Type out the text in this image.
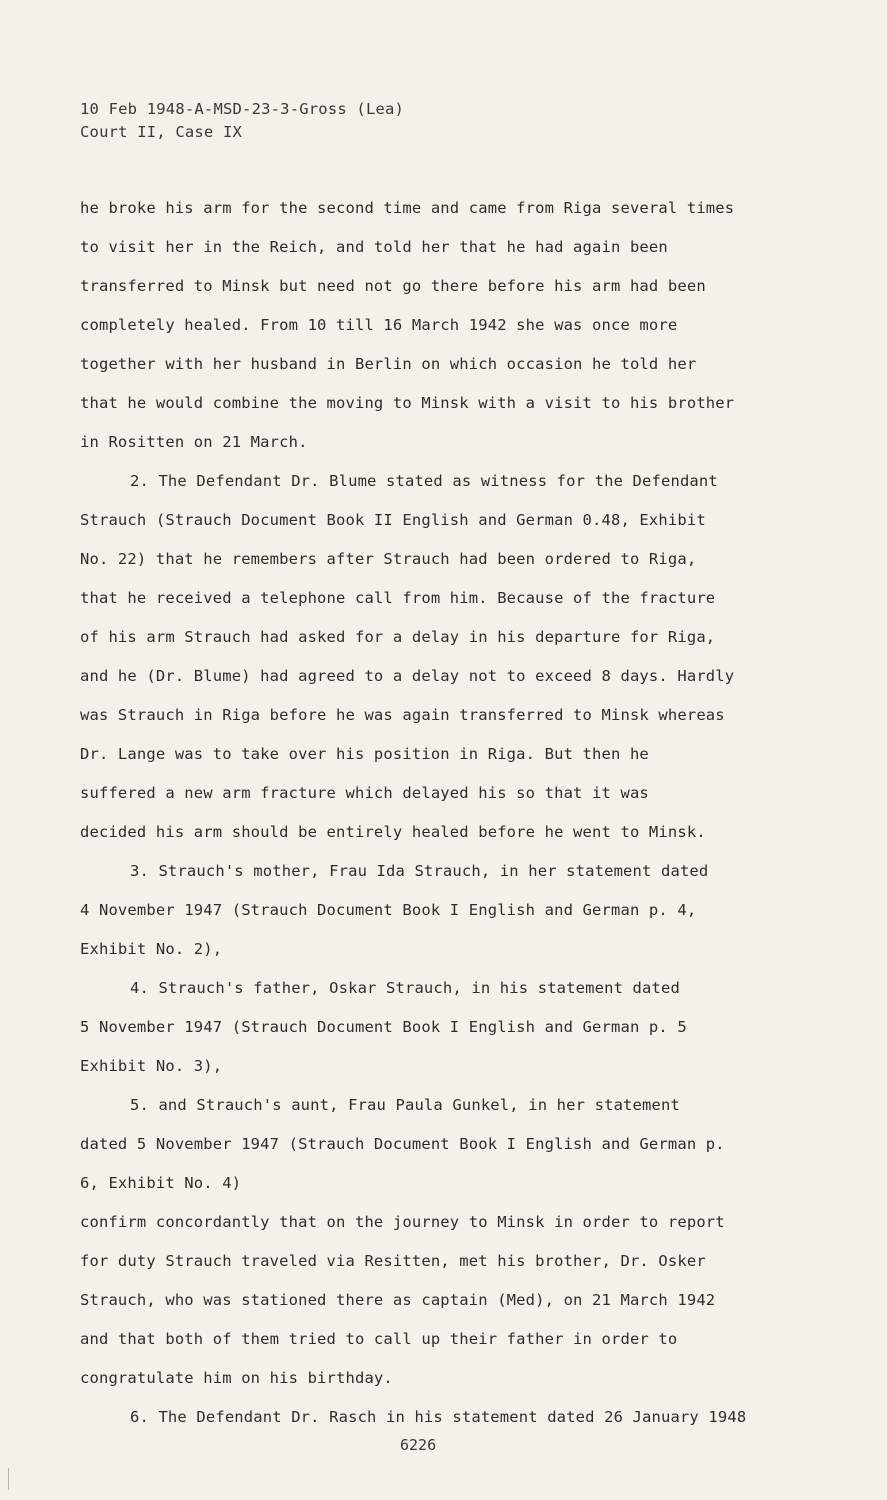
10 Feb 1948-A-MSD-23-3-Gross (Lea)
Court II, Case IX
he broke his arm for the second time and came from Riga several times
to visit her in the Reich, and told her that he had again been
transferred to Minsk but need not go there before his arm had been
completely healed. From 10 till 16 March 1942 she was once more
together with her husband in Berlin on which occasion he told her
that he would combine the moving to Minsk with a visit to his brother
in Rositten on 21 March.
2. The Defendant Dr. Blume stated as witness for the Defendant
Strauch (Strauch Document Book II English and German 0.48, Exhibit
No. 22) that he remembers after Strauch had been ordered to Riga,
that he received a telephone call from him. Because of the fracture
of his arm Strauch had asked for a delay in his departure for Riga,
and he (Dr. Blume) had agreed to a delay not to exceed 8 days. Hardly
was Strauch in Riga before he was again transferred to Minsk whereas
Dr. Lange was to take over his position in Riga. But then he
suffered a new arm fracture which delayed his so that it was
decided his arm should be entirely healed before he went to Minsk.
3. Strauch's mother, Frau Ida Strauch, in her statement dated
4 November 1947 (Strauch Document Book I English and German p. 4,
Exhibit No. 2),
4. Strauch's father, Oskar Strauch, in his statement dated
5 November 1947 (Strauch Document Book I English and German p. 5
Exhibit No. 3),
5. and Strauch's aunt, Frau Paula Gunkel, in her statement
dated 5 November 1947 (Strauch Document Book I English and German p.
6, Exhibit No. 4)
confirm concordantly that on the journey to Minsk in order to report
for duty Strauch traveled via Resitten, met his brother, Dr. Osker
Strauch, who was stationed there as captain (Med), on 21 March 1942
and that both of them tried to call up their father in order to
congratulate him on his birthday.
6. The Defendant Dr. Rasch in his statement dated 26 January 1948
6226
